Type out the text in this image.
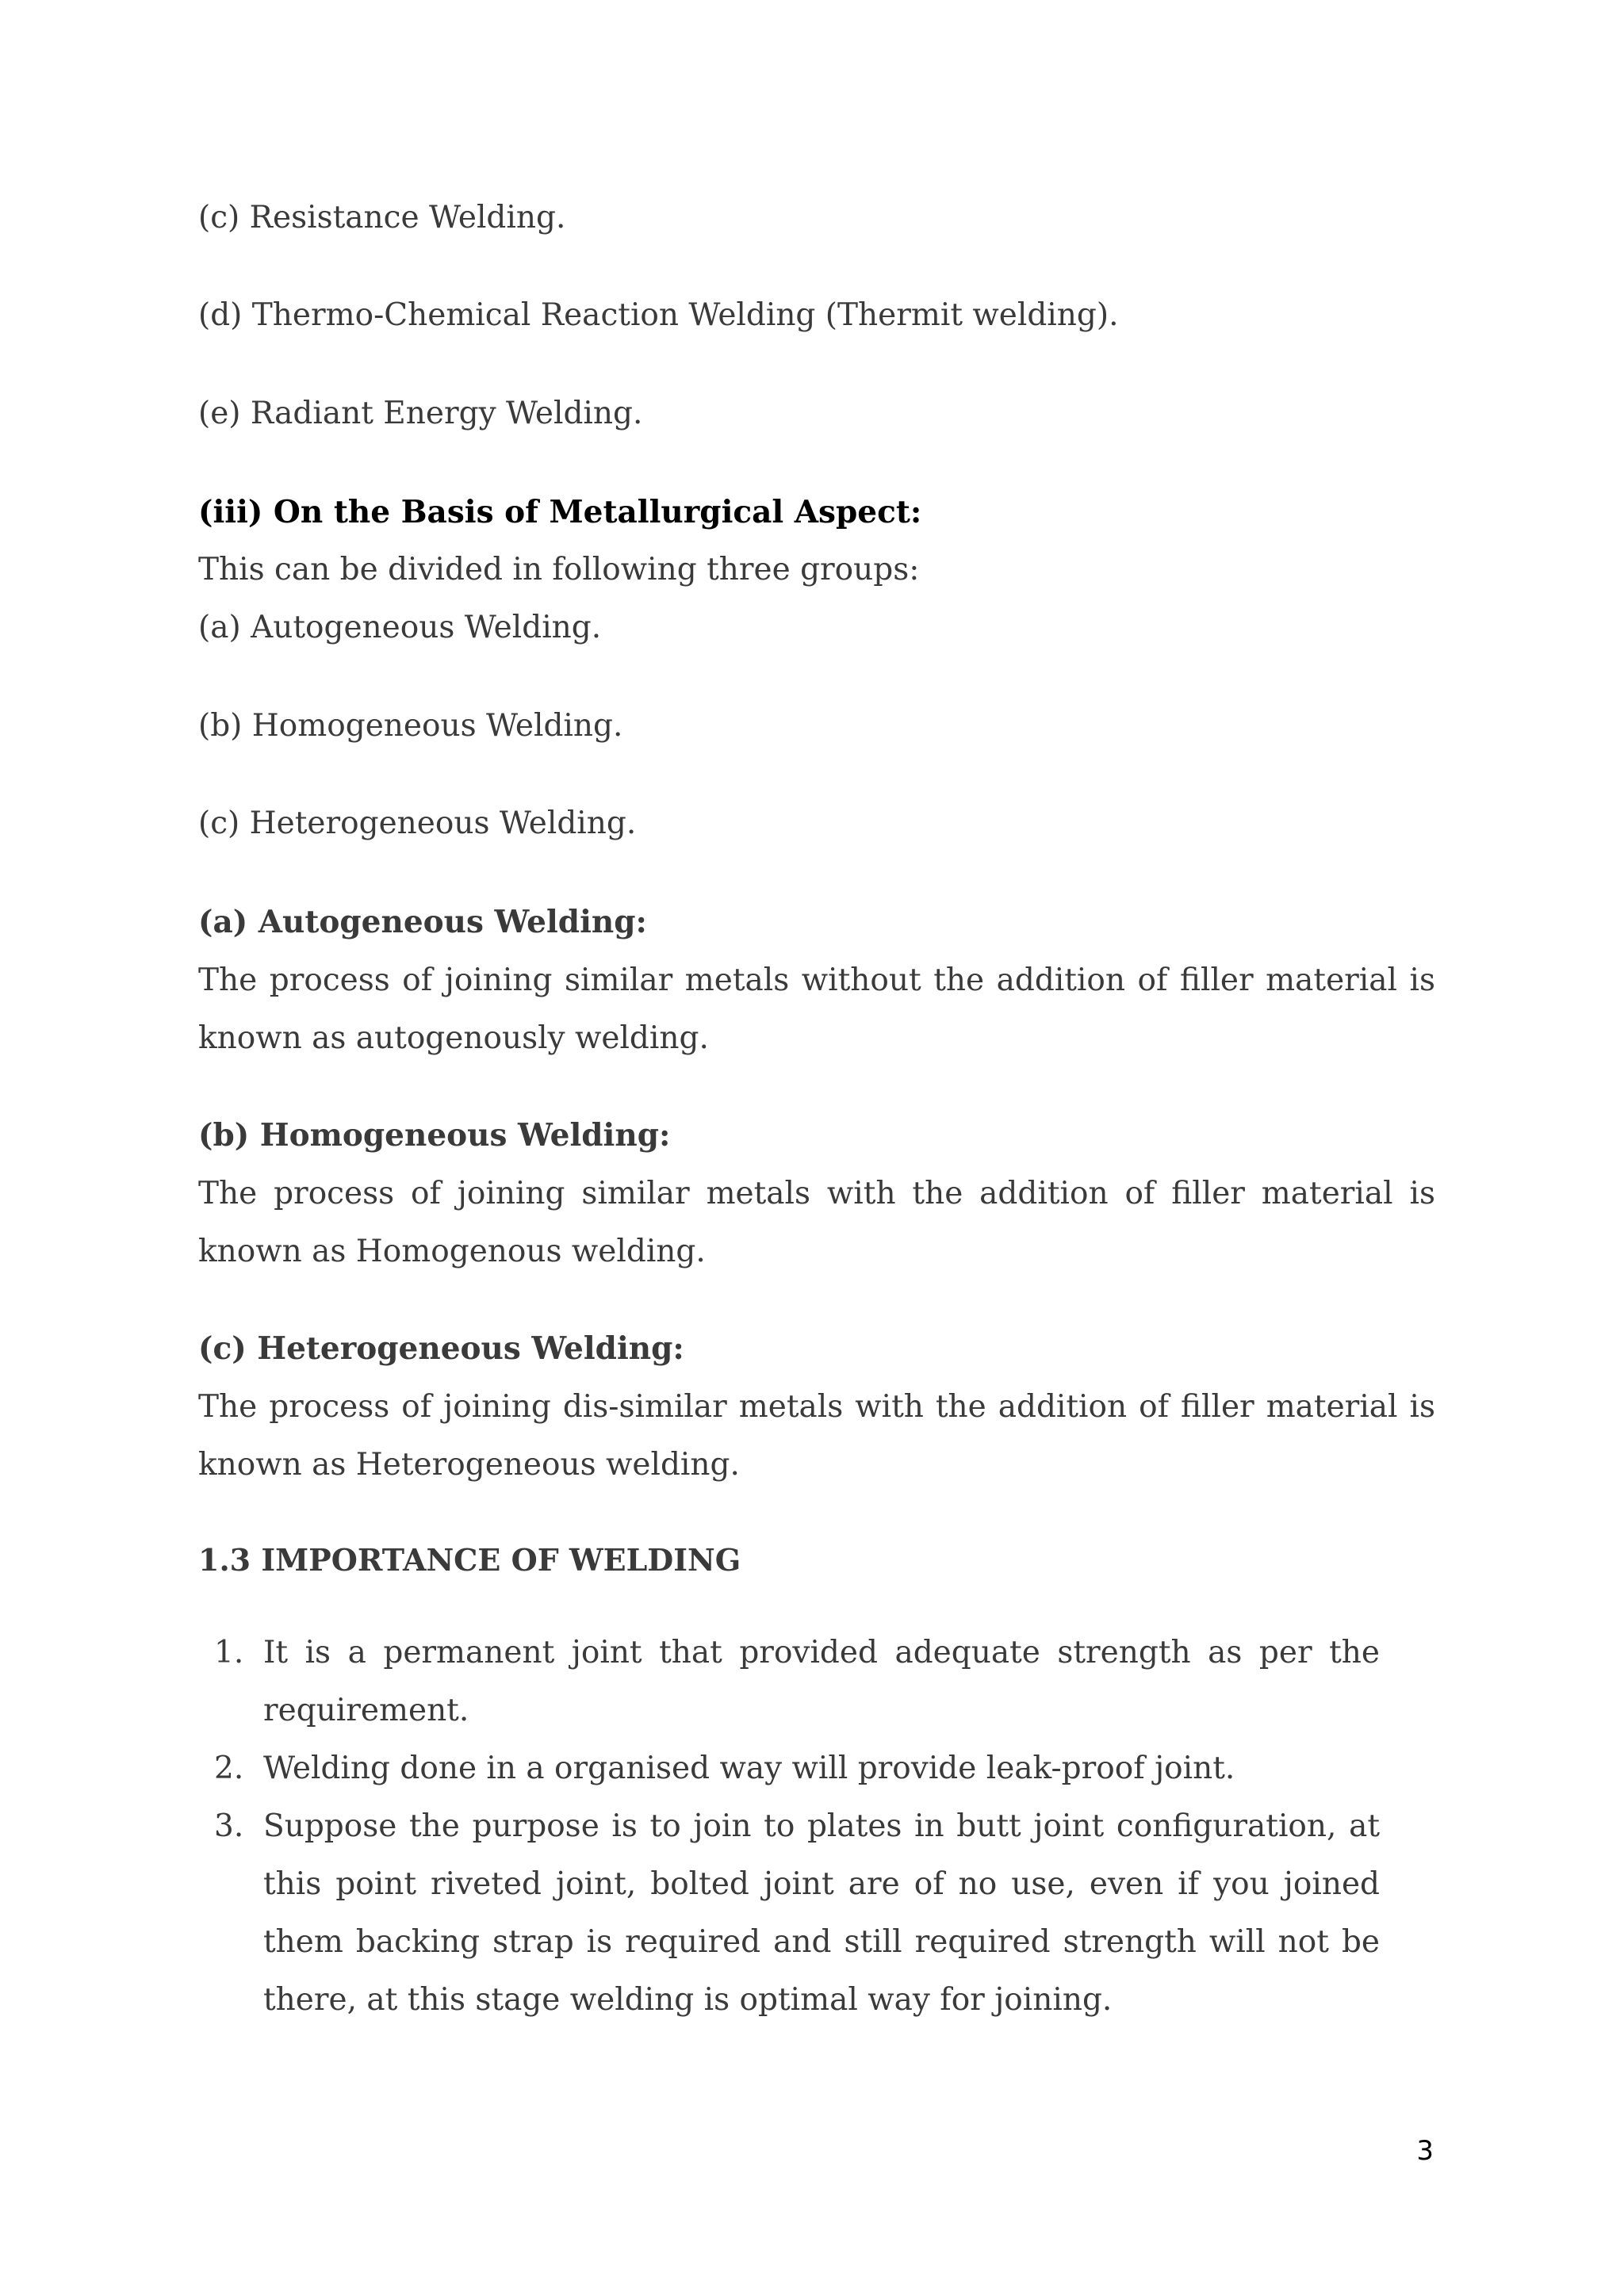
(c) Resistance Welding.

(d) Thermo-Chemical Reaction Welding (Thermit welding).

(e) Radiant Energy Welding.

(iii) On the Basis of Metallurgical Aspect:

This can be divided in following three groups:

(a) Autogeneous Welding.

(b) Homogeneous Welding.

(c) Heterogeneous Welding.

(a) Autogeneous Welding:

The process of joining similar metals without the addition of filler material is known as autogenously welding.

(b) Homogeneous Welding:

The process of joining similar metals with the addition of filler material is known as Homogenous welding.

(c) Heterogeneous Welding:

The process of joining dis-similar metals with the addition of filler material is known as Heterogeneous welding.

1.3 IMPORTANCE OF WELDING

1. It is a permanent joint that provided adequate strength as per the requirement.
2. Welding done in a organised way will provide leak-proof joint.
3. Suppose the purpose is to join to plates in butt joint configuration, at this point riveted joint, bolted joint are of no use, even if you joined them backing strap is required and still required strength will not be there, at this stage welding is optimal way for joining.
3
